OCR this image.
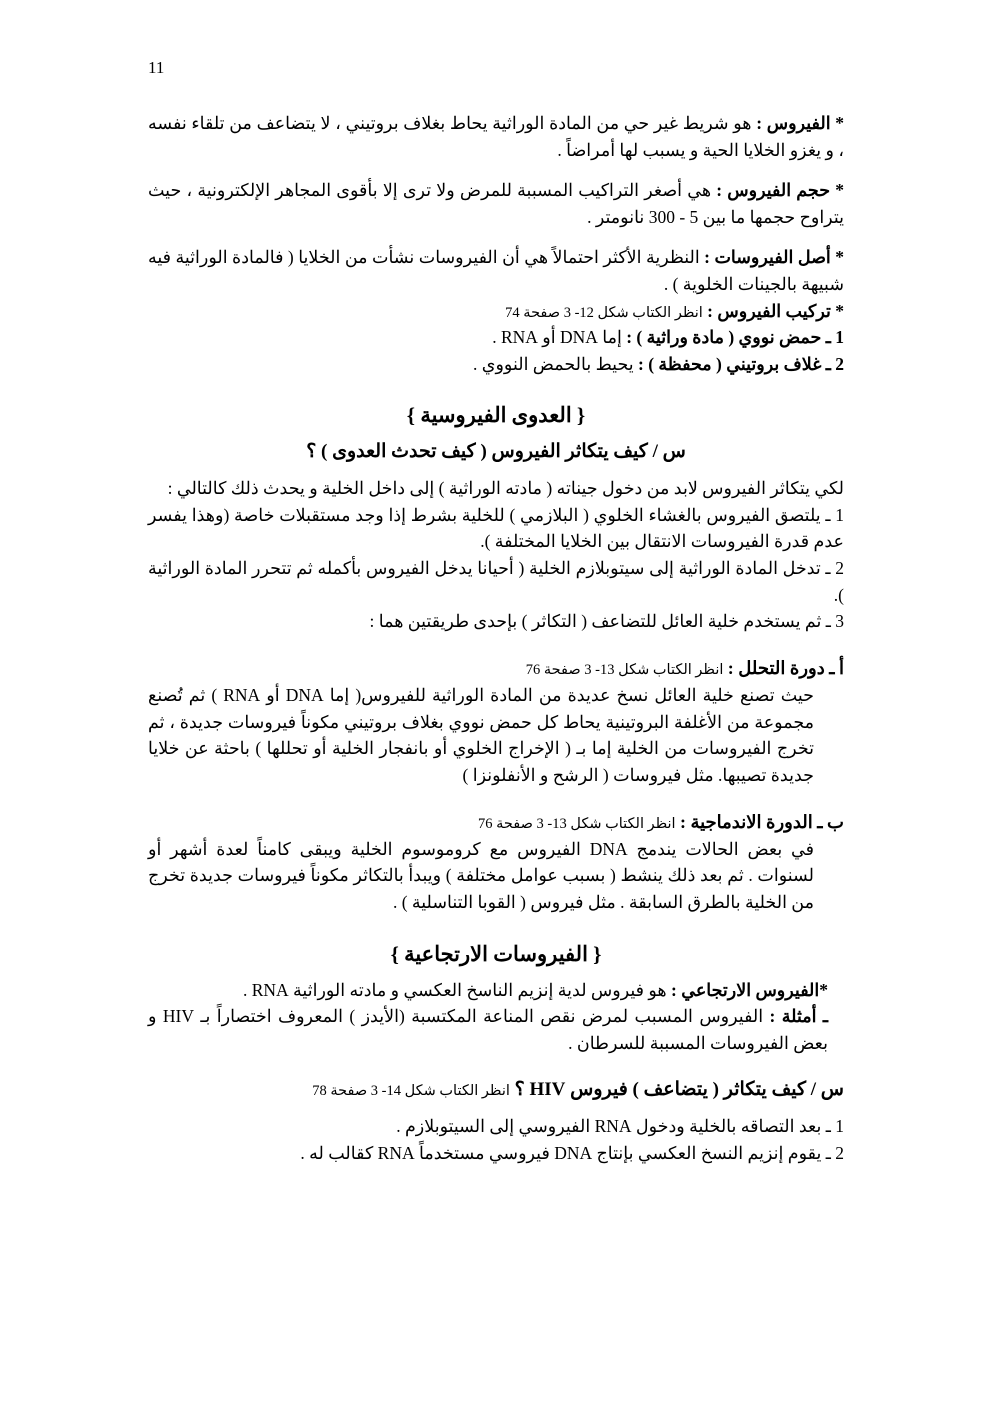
11

* الفيروس : هو شريط غير حي من المادة الوراثية يحاط بغلاف بروتيني ، لا يتضاعف من تلقاء نفسه ، و يغزو الخلايا الحية و يسبب لها أمراضاً .

* حجم الفيروس : هي أصغر التراكيب المسببة للمرض ولا ترى إلا بأقوى المجاهر الإلكترونية ، حيث يتراوح حجمها ما بين 5 - 300 نانومتر .

* أصل الفيروسات : النظرية الأكثر احتمالاً هي أن الفيروسات نشأت من الخلايا ( فالمادة الوراثية فيه شبيهة بالجينات الخلوية ) .

* تركيب الفيروس : انظر الكتاب شكل 12- 3 صفحة 74

1 ـ حمض نووي ( مادة وراثية ) : إما DNA أو RNA .

2 ـ غلاف بروتيني ( محفظة ) : يحيط بالحمض النووي .

{ العدوى الفيروسية }

س / كيف يتكاثر الفيروس ( كيف تحدث العدوى ) ؟

لكي يتكاثر الفيروس لابد من دخول جيناته ( مادته الوراثية ) إلى داخل الخلية و يحدث ذلك كالتالي :

1 ـ يلتصق الفيروس بالغشاء الخلوي ( البلازمي ) للخلية بشرط إذا وجد مستقبلات خاصة (وهذا يفسر عدم قدرة الفيروسات الانتقال بين الخلايا المختلفة ).

2 ـ تدخل المادة الوراثية إلى سيتوبلازم الخلية ( أحيانا يدخل الفيروس بأكمله ثم تتحرر المادة الوراثية ).

3 ـ ثم يستخدم خلية العائل للتضاعف ( التكاثر ) بإحدى طريقتين هما :

أ ـ دورة التحلل : انظر الكتاب شكل 13- 3 صفحة 76

حيث تصنع خلية العائل نسخ عديدة من المادة الوراثية للفيروس( إما DNA أو RNA ) ثم تُصنع مجموعة من الأغلفة البروتينية يحاط كل حمض نووي بغلاف بروتيني مكوناً فيروسات جديدة ، ثم تخرج الفيروسات من الخلية إما بـ ( الإخراج الخلوي أو بانفجار الخلية أو تحللها ) باحثة عن خلايا جديدة تصيبها. مثل فيروسات ( الرشح و الأنفلونزا )

ب ـ الدورة الاندماجية : انظر الكتاب شكل 13- 3 صفحة 76

في بعض الحالات يندمج DNA الفيروس مع كروموسوم الخلية ويبقى كامناً لعدة أشهر أو لسنوات . ثم بعد ذلك ينشط ( بسبب عوامل مختلفة ) ويبدأ بالتكاثر مكوناً فيروسات جديدة تخرج من الخلية بالطرق السابقة . مثل فيروس ( القوبا التناسلية ) .

{ الفيروسات الارتجاعية }

*الفيروس الارتجاعي : هو فيروس لدية إنزيم الناسخ العكسي و مادته الوراثية RNA .

ـ أمثلة : الفيروس المسبب لمرض نقص المناعة المكتسبة (الأيدز ) المعروف اختصاراً بـ HIV و بعض الفيروسات المسببة للسرطان .

س / كيف يتكاثر ( يتضاعف ) فيروس HIV ؟ انظر الكتاب شكل 14- 3 صفحة 78

1 ـ بعد التصاقه بالخلية ودخول RNA الفيروسي إلى السيتوبلازم .

2 ـ يقوم إنزيم النسخ العكسي بإنتاج DNA فيروسي مستخدماً RNA كقالب له .
